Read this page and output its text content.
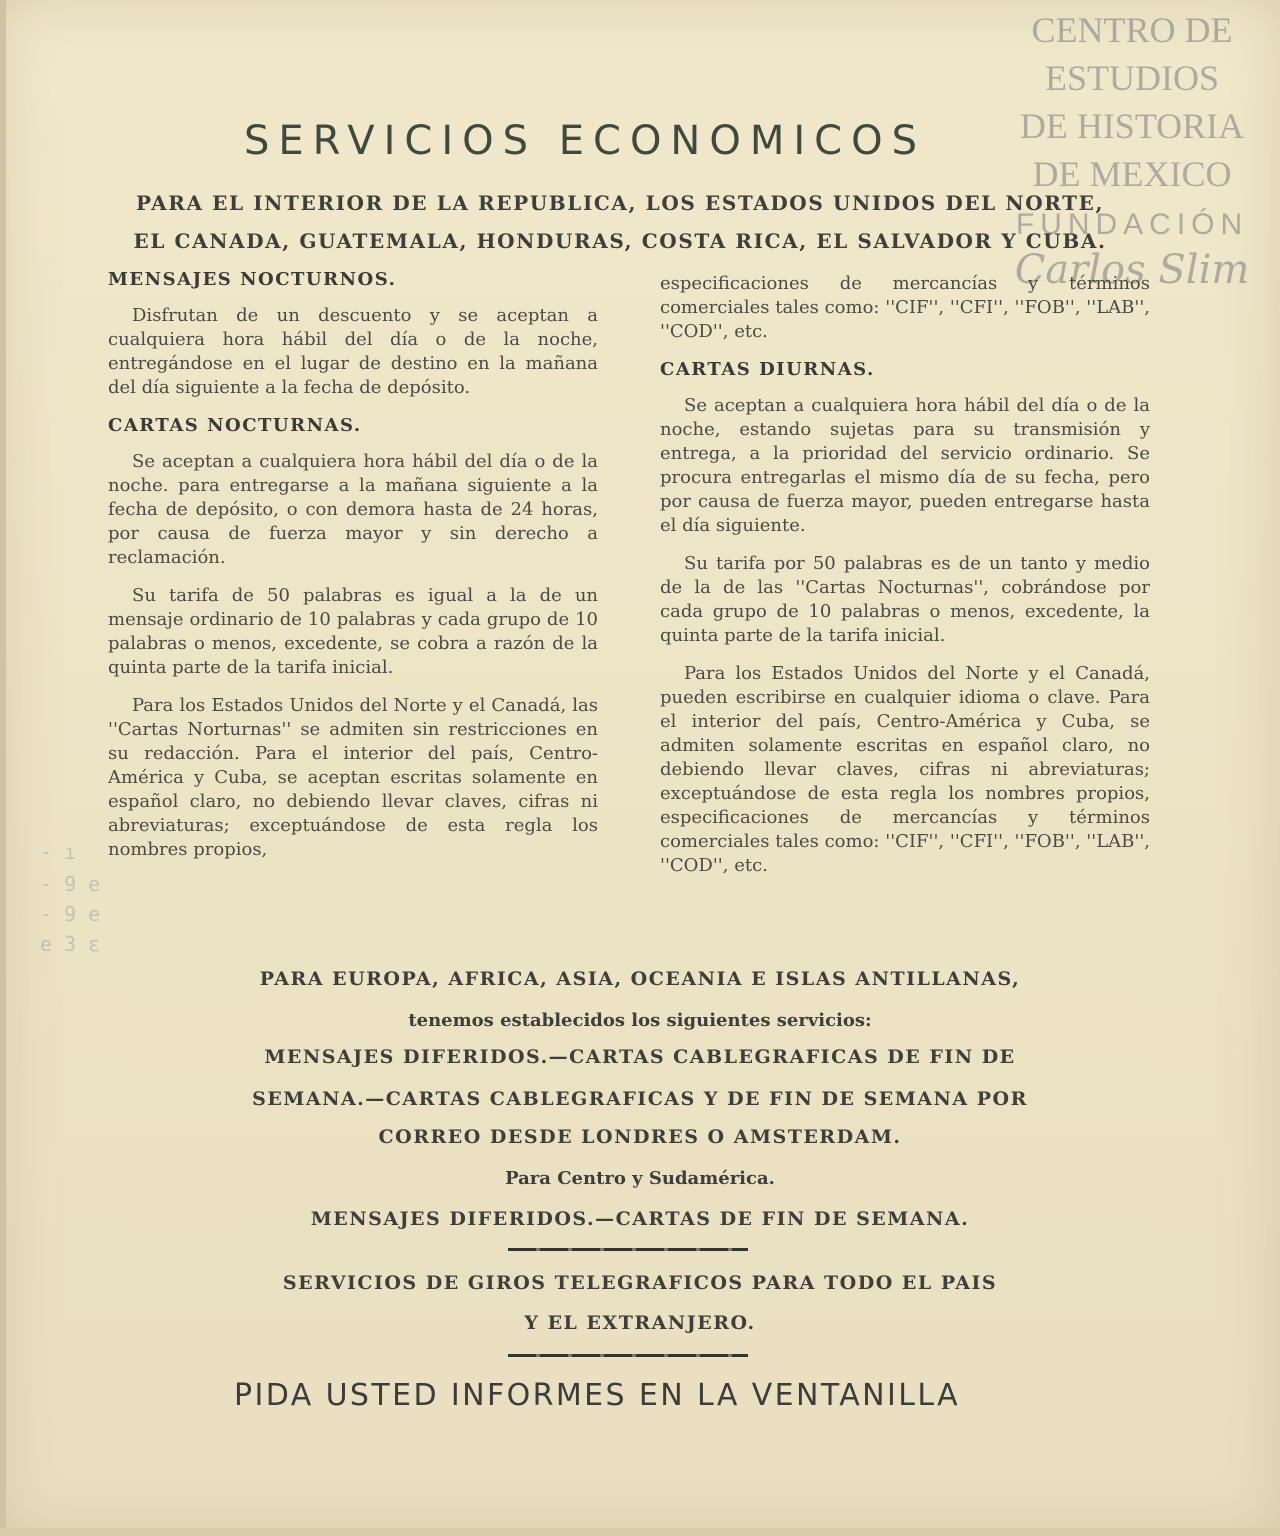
- ı
- 9 e
- 9 e
e 3 ε
CENTRO DE
ESTUDIOS
DE HISTORIA
DE MEXICO
FUNDACIÓN
Carlos Slim
SERVICIOS ECONOMICOS
PARA EL INTERIOR DE LA REPUBLICA, LOS ESTADOS UNIDOS DEL NORTE, EL CANADA, GUATEMALA, HONDURAS, COSTA RICA, EL SALVADOR Y CUBA.
MENSAJES NOCTURNOS.

Disfrutan de un descuento y se aceptan a cualquiera hora hábil del día o de la noche, entregándose en el lugar de destino en la mañana del día siguiente a la fecha de depósito.

CARTAS NOCTURNAS.

Se aceptan a cualquiera hora hábil del día o de la noche. para entregarse a la mañana siguiente a la fecha de depósito, o con demora hasta de 24 horas, por causa de fuerza mayor y sin derecho a reclamación.

Su tarifa de 50 palabras es igual a la de un mensaje ordinario de 10 palabras y cada grupo de 10 palabras o menos, excedente, se cobra a razón de la quinta parte de la tarifa inicial.

Para los Estados Unidos del Norte y el Canadá, las ''Cartas Norturnas'' se admiten sin restricciones en su redacción. Para el interior del país, Centro-América y Cuba, se aceptan escritas solamente en español claro, no debiendo llevar claves, cifras ni abreviaturas; exceptuándose de esta regla los nombres propios,

especificaciones de mercancías y términos comerciales tales como: ''CIF'', ''CFI'', ''FOB'', ''LAB'', ''COD'', etc.

CARTAS DIURNAS.

Se aceptan a cualquiera hora hábil del día o de la noche, estando sujetas para su transmisión y entrega, a la prioridad del servicio ordinario. Se procura entregarlas el mismo día de su fecha, pero por causa de fuerza mayor, pueden entregarse hasta el día siguiente.

Su tarifa por 50 palabras es de un tanto y medio de la de las ''Cartas Nocturnas'', cobrándose por cada grupo de 10 palabras o menos, excedente, la quinta parte de la tarifa inicial.

Para los Estados Unidos del Norte y el Canadá, pueden escribirse en cualquier idioma o clave. Para el interior del país, Centro-América y Cuba, se admiten solamente escritas en español claro, no debiendo llevar claves, cifras ni abreviaturas; exceptuándose de esta regla los nombres propios, especificaciones de mercancías y términos comerciales tales como: ''CIF'', ''CFI'', ''FOB'', ''LAB'', ''COD'', etc.

PARA EUROPA, AFRICA, ASIA, OCEANIA E ISLAS ANTILLANAS,
tenemos establecidos los siguientes servicios:
MENSAJES DIFERIDOS.—CARTAS CABLEGRAFICAS DE FIN DE
SEMANA.—CARTAS CABLEGRAFICAS Y DE FIN DE SEMANA POR
CORREO DESDE LONDRES O AMSTERDAM.
Para Centro y Sudamérica.
MENSAJES DIFERIDOS.—CARTAS DE FIN DE SEMANA.
SERVICIOS DE GIROS TELEGRAFICOS PARA TODO EL PAIS
Y EL EXTRANJERO.
PIDA USTED INFORMES EN LA VENTANILLA
